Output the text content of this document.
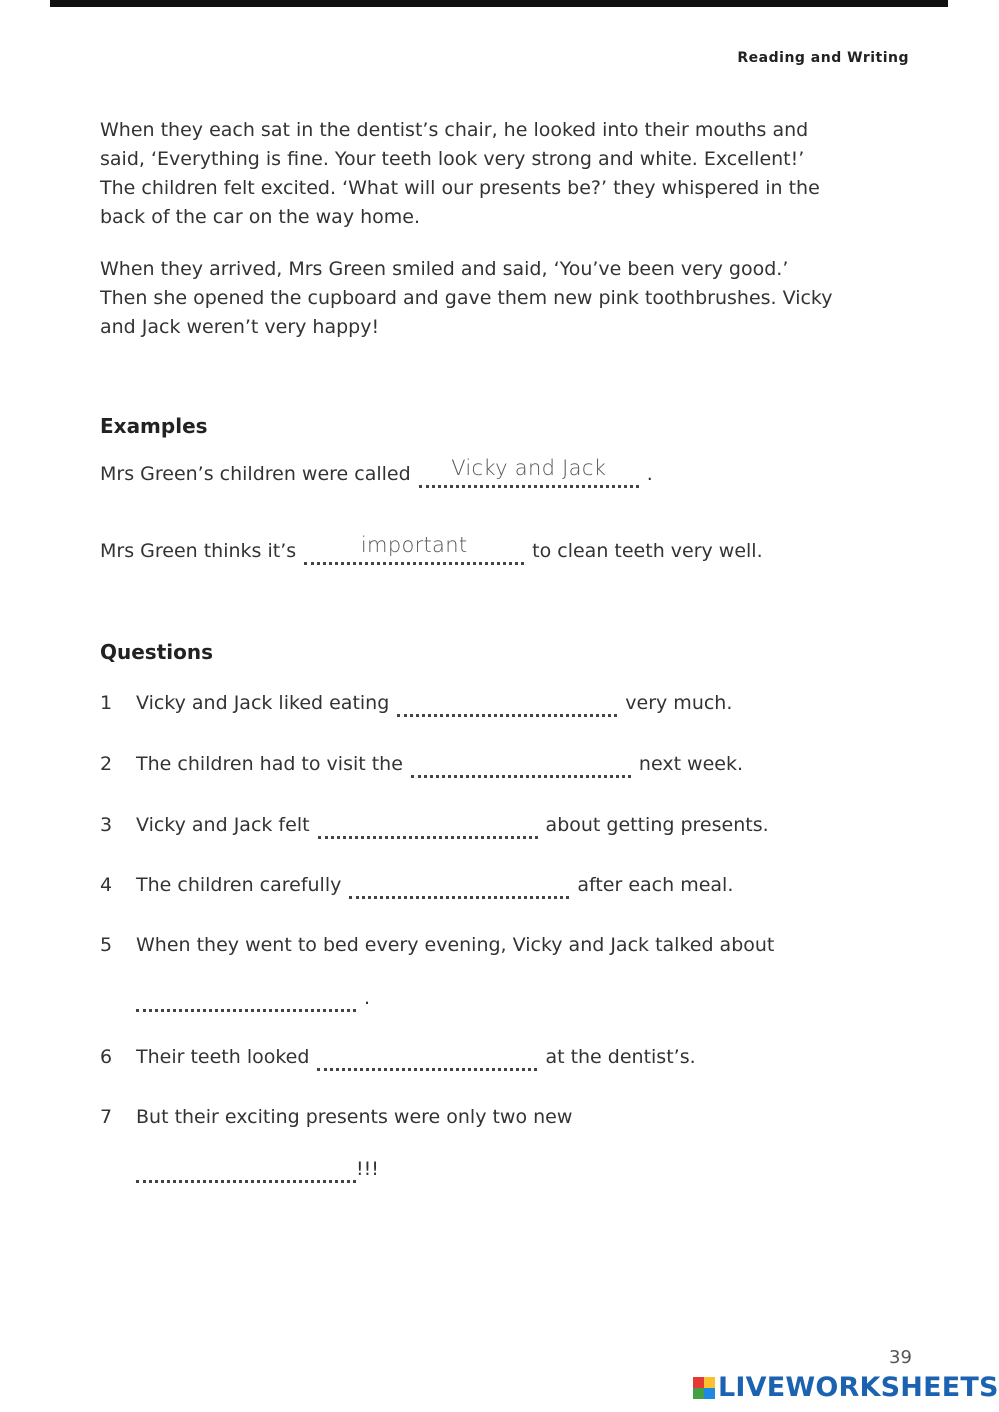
Reading and Writing

When they each sat in the dentist’s chair, he looked into their mouths and said, ‘Everything is fine. Your teeth look very strong and white. Excellent!’ The children felt excited. ‘What will our presents be?’ they whispered in the back of the car on the way home.

When they arrived, Mrs Green smiled and said, ‘You’ve been very good.’ Then she opened the cupboard and gave them new pink toothbrushes. Vicky and Jack weren’t very happy!

Examples
Mrs Green’s children were called	Vicky and Jack	.
Mrs Green thinks it’s	important	to clean teeth very well.
Questions
1 Vicky and Jack liked eating	very much.
2 The children had to visit the	next week.
3 Vicky and Jack felt	about getting presents.
4 The children carefully	after each meal.
5 When they went to bed every evening, Vicky and Jack talked about
.
6 Their teeth looked	at the dentist’s.
7 But their exciting presents were only two new
!!!
39
LIVEWORKSHEETS
